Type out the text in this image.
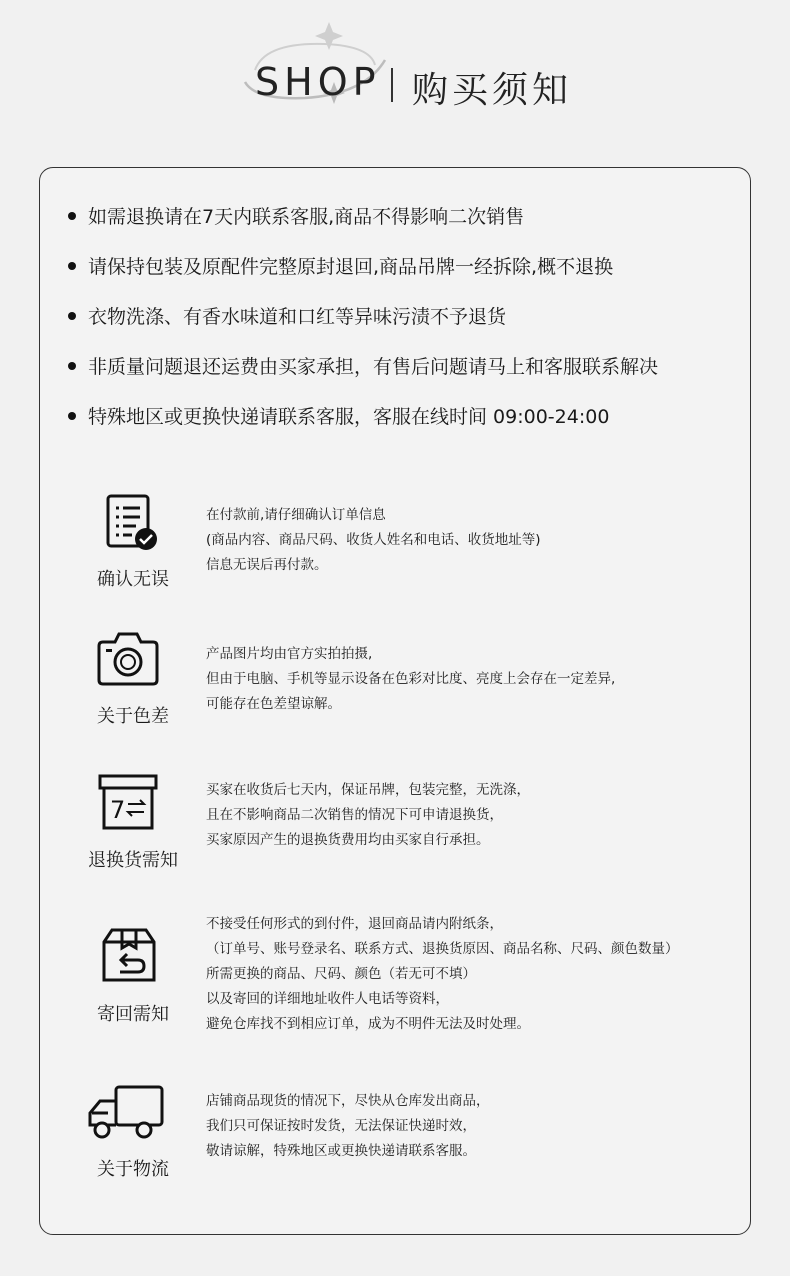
SHOP 购买须知
如需退换请在7天内联系客服,商品不得影响二次销售
请保持包装及原配件完整原封退回,商品吊牌一经拆除,概不退换
衣物洗涤、有香水味道和口红等异味污渍不予退货
非质量问题退还运费由买家承担，有售后问题请马上和客服联系解决
特殊地区或更换快递请联系客服，客服在线时间 09:00-24:00
确认无误
在付款前,请仔细确认订单信息
(商品内容、商品尺码、收货人姓名和电话、收货地址等)
信息无误后再付款。
关于色差
产品图片均由官方实拍拍摄,
但由于电脑、手机等显示设备在色彩对比度、亮度上会存在一定差异,
可能存在色差望谅解。
7
退换货需知
买家在收货后七天内，保证吊牌，包装完整，无洗涤，
且在不影响商品二次销售的情况下可申请退换货，
买家原因产生的退换货费用均由买家自行承担。
寄回需知
不接受任何形式的到付件，退回商品请内附纸条，
（订单号、账号登录名、联系方式、退换货原因、商品名称、尺码、颜色数量）
所需更换的商品、尺码、颜色（若无可不填）
以及寄回的详细地址收件人电话等资料，
避免仓库找不到相应订单，成为不明件无法及时处理。
关于物流
店铺商品现货的情况下，尽快从仓库发出商品，
我们只可保证按时发货，无法保证快递时效，
敬请谅解，特殊地区或更换快递请联系客服。
